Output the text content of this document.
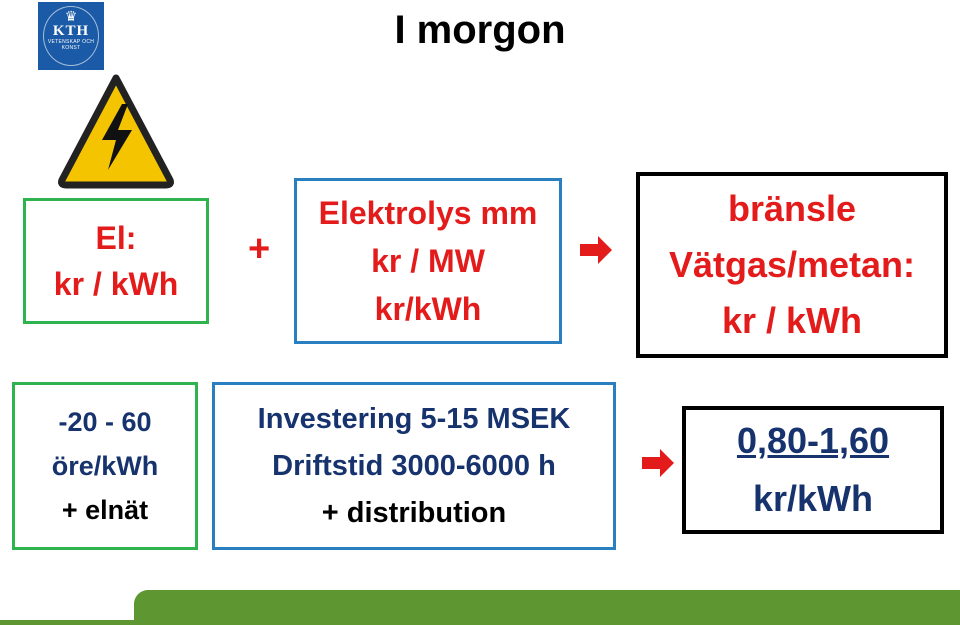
♛
KTH
VETENSKAP OCH KONST	I morgon
El:
kr / kWh
+
Elektrolys mm
kr / MW
kr/kWh
bränsle
Vätgas/metan:
kr / kWh
-20 - 60
öre/kWh
+ elnät
Investering 5-15 MSEK
Driftstid 3000-6000 h
+ distribution
0,80-1,60
kr/kWh
